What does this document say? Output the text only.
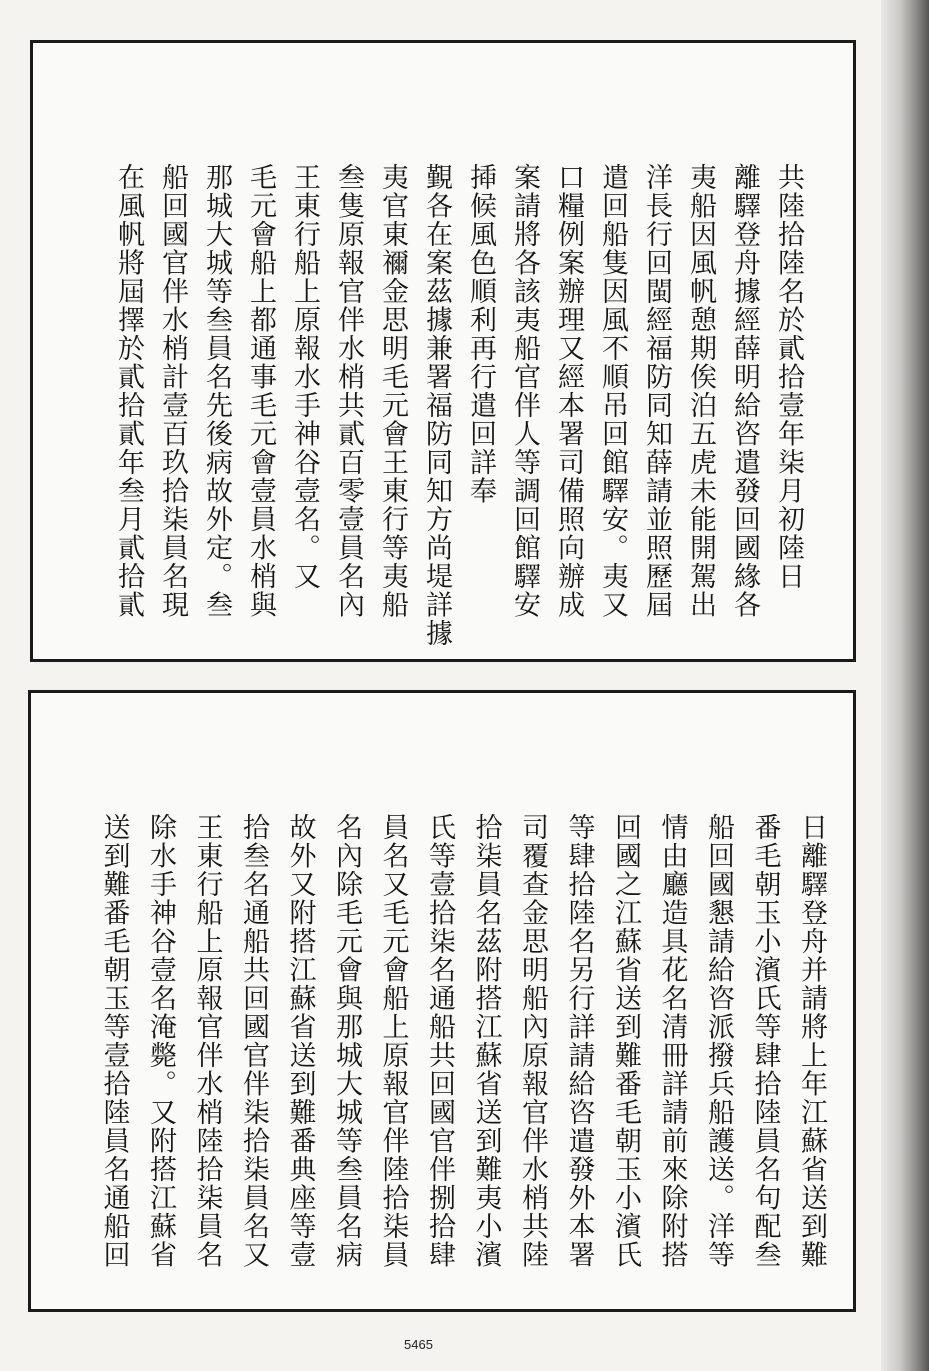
共陸拾陸名於貳拾壹年柒月初陸日
離驛登舟據經薛明給咨遣發回國緣各
夷船因風帆憩期俟泊五虎未能開駕出
洋長行回閩經福防同知薛請並照歷屆
遣回船隻因風不順吊回館驛安。夷又
口糧例案辦理又經本署司備照向辦成
案請將各該夷船官伴人等調回館驛安
揷候風色順利再行遣回詳奉
覲各在案茲據兼署福防同知方尚堤詳據
夷官東禰金思明毛元會王東行等夷船
叁隻原報官伴水梢共貳百零壹員名內
王東行船上原報水手神谷壹名。又
毛元會船上都通事毛元會壹員水梢與
那城大城等叁員名先後病故外定。叁
船回國官伴水梢計壹百玖拾柒員名現
在風帆將屆擇於貳拾貳年叁月貳拾貳
日離驛登舟并請將上年江蘇省送到難
番毛朝玉小濱氏等肆拾陸員名句配叁
船回國懇請給咨派撥兵船護送。洋等
情由廳造具花名清冊詳請前來除附搭
回國之江蘇省送到難番毛朝玉小濱氏
等肆拾陸名另行詳請給咨遣發外本署
司覆查金思明船內原報官伴水梢共陸
拾柒員名茲附搭江蘇省送到難夷小濱
氏等壹拾柒名通船共回國官伴捌拾肆
員名又毛元會船上原報官伴陸拾柒員
名內除毛元會與那城大城等叁員名病
故外又附搭江蘇省送到難番典座等壹
拾叁名通船共回國官伴柒拾柒員名又
王東行船上原報官伴水梢陸拾柒員名
除水手神谷壹名淹斃。又附搭江蘇省
送到難番毛朝玉等壹拾陸員名通船回
5465
